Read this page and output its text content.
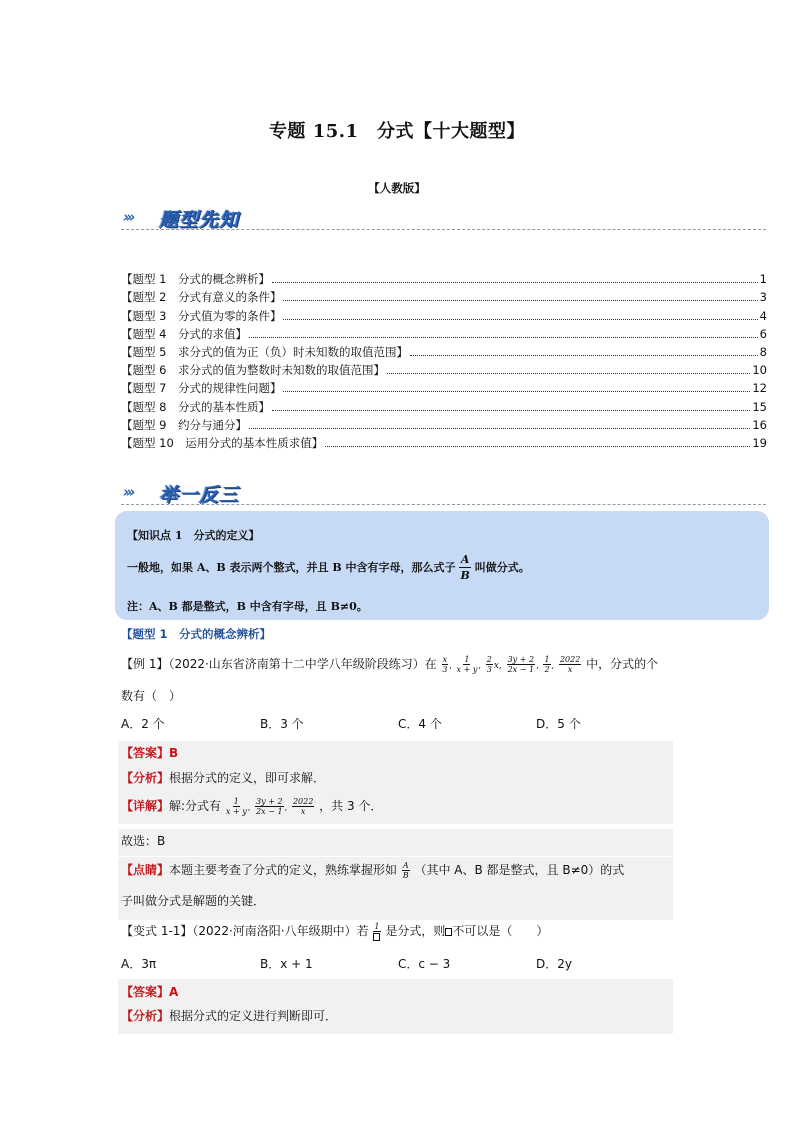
专题 15.1　分式【十大题型】
【人教版】
››› 题型先知
【题型 1　分式的概念辨析】	1
【题型 2　分式有意义的条件】	3
【题型 3　分式值为零的条件】	4
【题型 4　分式的求值】	6
【题型 5　求分式的值为正（负）时未知数的取值范围】	8
【题型 6　求分式的值为整数时未知数的取值范围】	10
【题型 7　分式的规律性问题】	12
【题型 8　分式的基本性质】	15
【题型 9　约分与通分】	16
【题型 10　运用分式的基本性质求值】	19
››› 举一反三
【知识点 1　分式的定义】
一般地，如果 A、B 表示两个整式，并且 B 中含有字母，那么式子 $\frac{A}{B}$ 叫做分式。
注：A、B 都是整式，B 中含有字母，且 B≠0。
【题型 1　分式的概念辨析】
【例 1】（2022·山东省济南第十二中学八年级阶段练习）在 $\frac{x}{3}$ , $\frac{1}{x + y}$ , $\frac{2}{3} x$, $\frac{3y + 2}{2x - 1}$ , $\frac{1}{2}$ , $\frac{2022}{x}$ 中，分式的个
数有（　）
A．2 个	B．3 个	C．4 个	D．5 个
【答案】B
【分析】根据分式的定义，即可求解．
【详解】解:分式有 $\frac{1}{x + y}$ , $\frac{3y + 2}{2x - 1}$ , $\frac{2022}{x}$ ，共 3 个．
故选：B
【点睛】本题主要考查了分式的定义，熟练掌握形如 $\frac{A}{B}$ （其中 A、B 都是整式，且 B≠0）的式
子叫做分式是解题的关键．
【变式 1-1】（2022·河南洛阳·八年级期中）若 1 是分式，则 不可以是（　　）
A．3π	B．x + 1	C．c − 3	D．2y
【答案】A
【分析】根据分式的定义进行判断即可．
